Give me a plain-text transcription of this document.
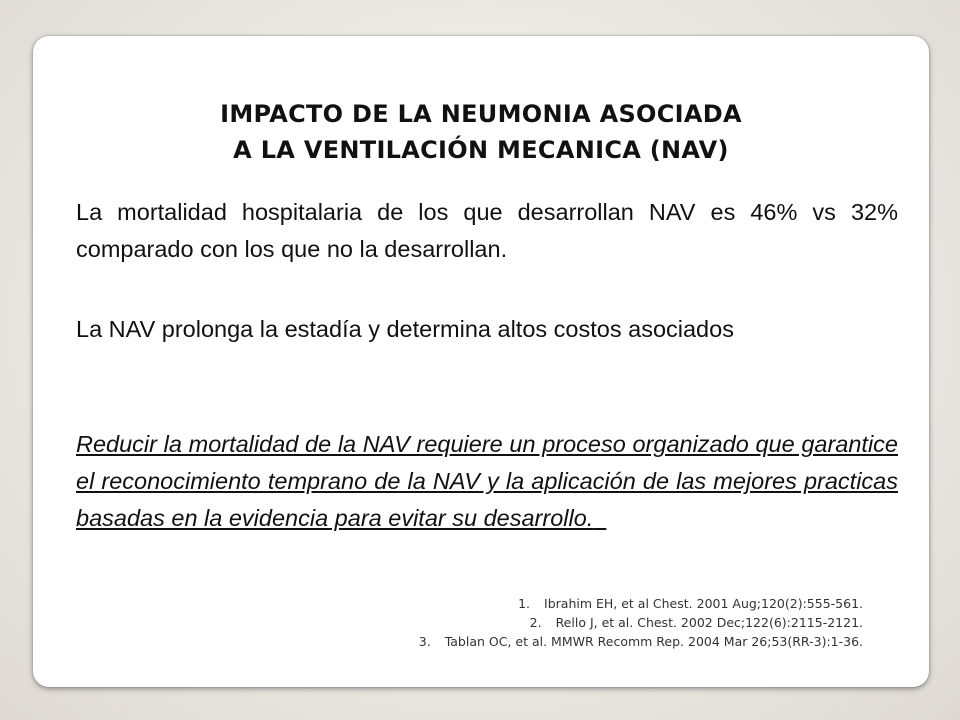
IMPACTO DE LA NEUMONIA ASOCIADA
A LA VENTILACIÓN MECANICA (NAV)

La mortalidad hospitalaria de los que desarrollan NAV es 46% vs 32% comparado con los que no la desarrollan.

La NAV prolonga la estadía y determina altos costos asociados

Reducir la mortalidad de la NAV requiere un proceso organizado que garantice el reconocimiento temprano de la NAV y la aplicación de las mejores practicas basadas en la evidencia para evitar su desarrollo.

1. Ibrahim EH, et al Chest. 2001 Aug;120(2):555-561.
2. Rello J, et al. Chest. 2002 Dec;122(6):2115-2121.
3. Tablan OC, et al. MMWR Recomm Rep. 2004 Mar 26;53(RR-3):1-36.
